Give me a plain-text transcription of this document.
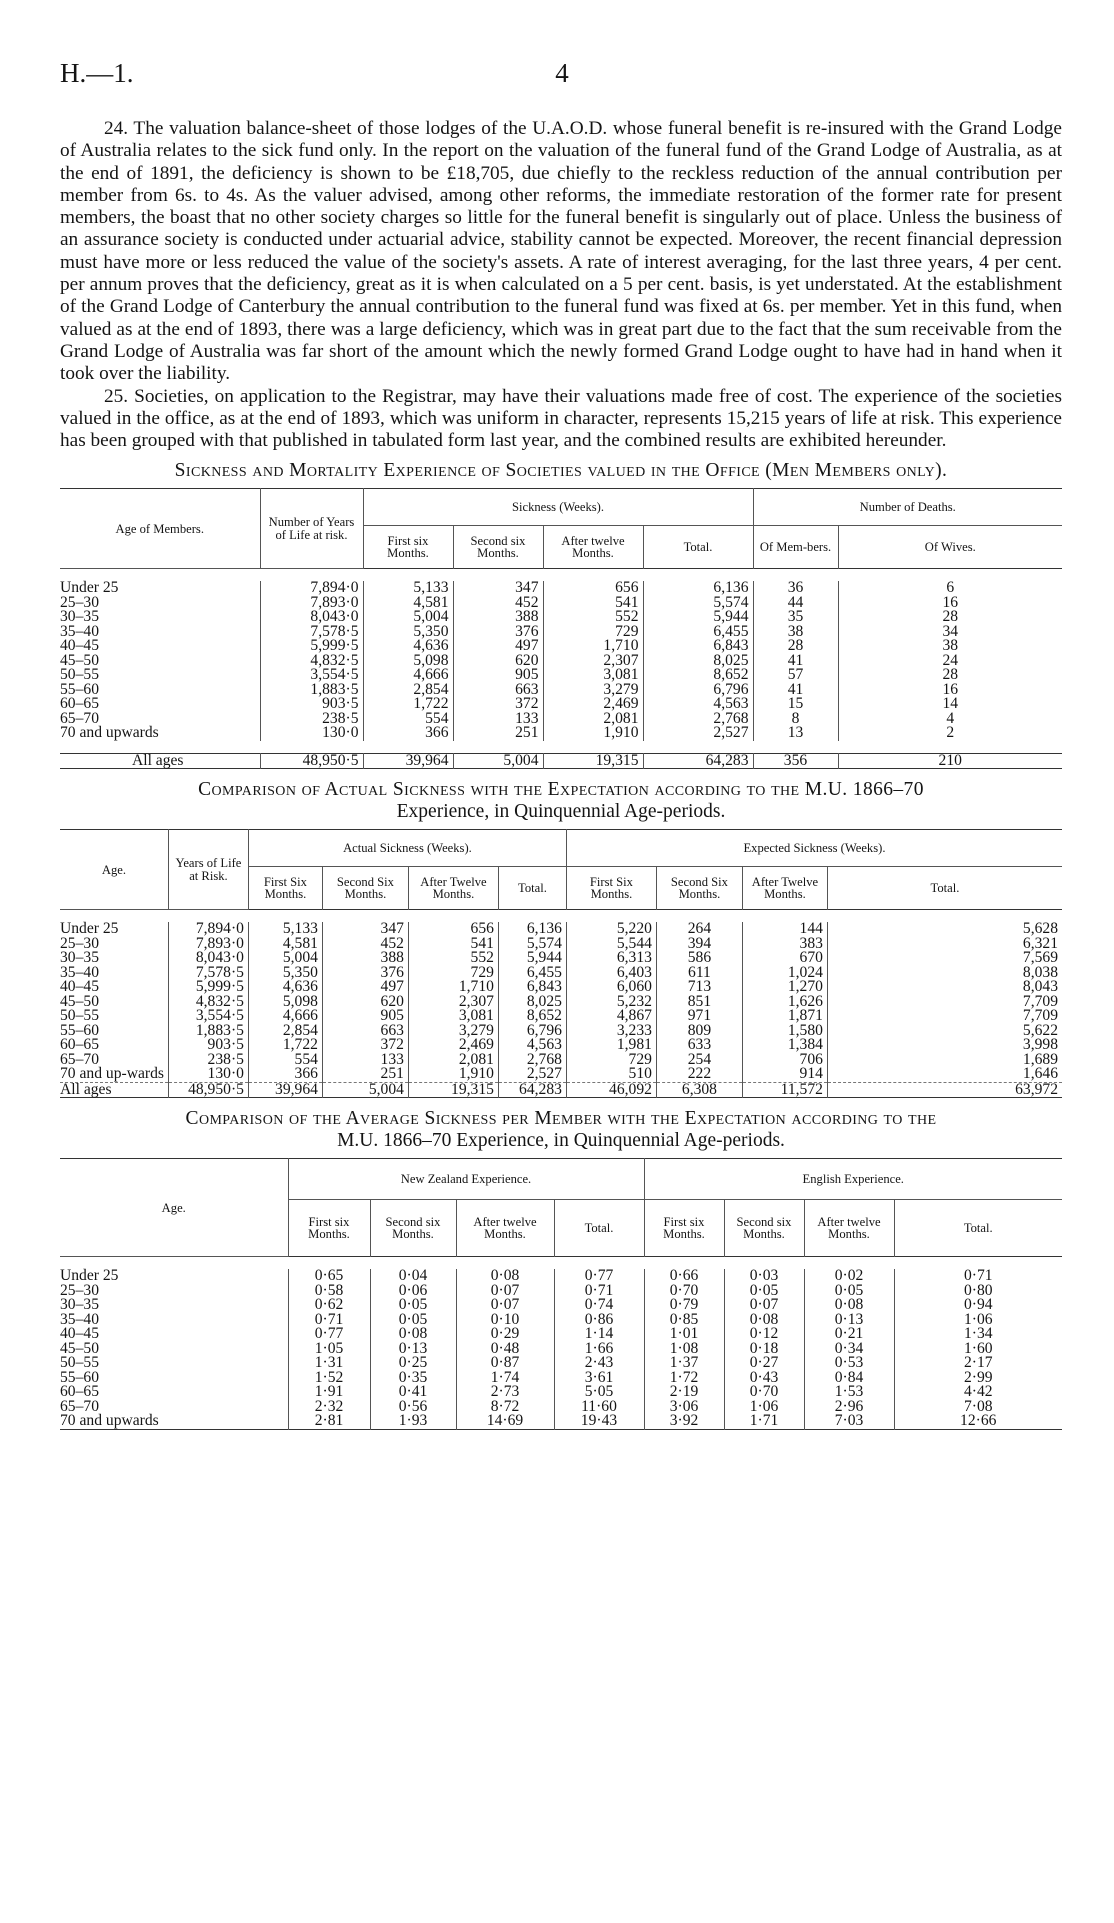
H.—1.	4

24. The valuation balance-sheet of those lodges of the U.A.O.D. whose funeral benefit is re-insured with the Grand Lodge of Australia relates to the sick fund only. In the report on the valuation of the funeral fund of the Grand Lodge of Australia, as at the end of 1891, the deficiency is shown to be £18,705, due chiefly to the reckless reduction of the annual contribution per member from 6s. to 4s. As the valuer advised, among other reforms, the immediate restoration of the former rate for present members, the boast that no other society charges so little for the funeral benefit is singularly out of place. Unless the business of an assurance society is conducted under actuarial advice, stability cannot be expected. Moreover, the recent financial depression must have more or less reduced the value of the society's assets. A rate of interest averaging, for the last three years, 4 per cent. per annum proves that the deficiency, great as it is when calculated on a 5 per cent. basis, is yet understated. At the establishment of the Grand Lodge of Canterbury the annual contribution to the funeral fund was fixed at 6s. per member. Yet in this fund, when valued as at the end of 1893, there was a large deficiency, which was in great part due to the fact that the sum receivable from the Grand Lodge of Australia was far short of the amount which the newly formed Grand Lodge ought to have had in hand when it took over the liability.

25. Societies, on application to the Registrar, may have their valuations made free of cost. The experience of the societies valued in the office, as at the end of 1893, which was uniform in character, represents 15,215 years of life at risk. This experience has been grouped with that published in tabulated form last year, and the combined results are exhibited hereunder.

Sickness and Mortality Experience of Societies valued in the Office (Men Members only).

Age of Members.	Number of Years of Life at risk.	Sickness (Weeks).				Number of Deaths.	
		First six Months.	Second six Months.	After twelve Months.	Total.	Of Mem-bers.	Of Wives.

Under 25	7,894·0	5,133	347	656	6,136	36	6
25–30	7,893·0	4,581	452	541	5,574	44	16
30–35	8,043·0	5,004	388	552	5,944	35	28
35–40	7,578·5	5,350	376	729	6,455	38	34
40–45	5,999·5	4,636	497	1,710	6,843	28	38
45–50	4,832·5	5,098	620	2,307	8,025	41	24
50–55	3,554·5	4,666	905	3,081	8,652	57	28
55–60	1,883·5	2,854	663	3,279	6,796	41	16
60–65	903·5	1,722	372	2,469	4,563	15	14
65–70	238·5	554	133	2,081	2,768	8	4
70 and upwards	130·0	366	251	1,910	2,527	13	2

All ages	48,950·5	39,964	5,004	19,315	64,283	356	210

Comparison of Actual Sickness with the Expectation according to the M.U. 1866–70

Experience, in Quinquennial Age-periods.

Age.	Years of Life at Risk.	Actual Sickness (Weeks).				Expected Sickness (Weeks).			
		First Six Months.	Second Six Months.	After Twelve Months.	Total.	First Six Months.	Second Six Months.	After Twelve Months.	Total.

Under 25	7,894·0	5,133	347	656	6,136	5,220	264	144	5,628
25–30	7,893·0	4,581	452	541	5,574	5,544	394	383	6,321
30–35	8,043·0	5,004	388	552	5,944	6,313	586	670	7,569
35–40	7,578·5	5,350	376	729	6,455	6,403	611	1,024	8,038
40–45	5,999·5	4,636	497	1,710	6,843	6,060	713	1,270	8,043
45–50	4,832·5	5,098	620	2,307	8,025	5,232	851	1,626	7,709
50–55	3,554·5	4,666	905	3,081	8,652	4,867	971	1,871	7,709
55–60	1,883·5	2,854	663	3,279	6,796	3,233	809	1,580	5,622
60–65	903·5	1,722	372	2,469	4,563	1,981	633	1,384	3,998
65–70	238·5	554	133	2,081	2,768	729	254	706	1,689
70 and up-wards	130·0	366	251	1,910	2,527	510	222	914	1,646
All ages	48,950·5	39,964	5,004	19,315	64,283	46,092	6,308	11,572	63,972

Comparison of the Average Sickness per Member with the Expectation according to the

M.U. 1866–70 Experience, in Quinquennial Age-periods.

Age.	New Zealand Experience.				English Experience.			
	First six Months.	Second six Months.	After twelve Months.	Total.	First six Months.	Second six Months.	After twelve Months.	Total.

Under 25	0·65	0·04	0·08	0·77	0·66	0·03	0·02	0·71
25–30	0·58	0·06	0·07	0·71	0·70	0·05	0·05	0·80
30–35	0·62	0·05	0·07	0·74	0·79	0·07	0·08	0·94
35–40	0·71	0·05	0·10	0·86	0·85	0·08	0·13	1·06
40–45	0·77	0·08	0·29	1·14	1·01	0·12	0·21	1·34
45–50	1·05	0·13	0·48	1·66	1·08	0·18	0·34	1·60
50–55	1·31	0·25	0·87	2·43	1·37	0·27	0·53	2·17
55–60	1·52	0·35	1·74	3·61	1·72	0·43	0·84	2·99
60–65	1·91	0·41	2·73	5·05	2·19	0·70	1·53	4·42
65–70	2·32	0·56	8·72	11·60	3·06	1·06	2·96	7·08
70 and upwards	2·81	1·93	14·69	19·43	3·92	1·71	7·03	12·66
